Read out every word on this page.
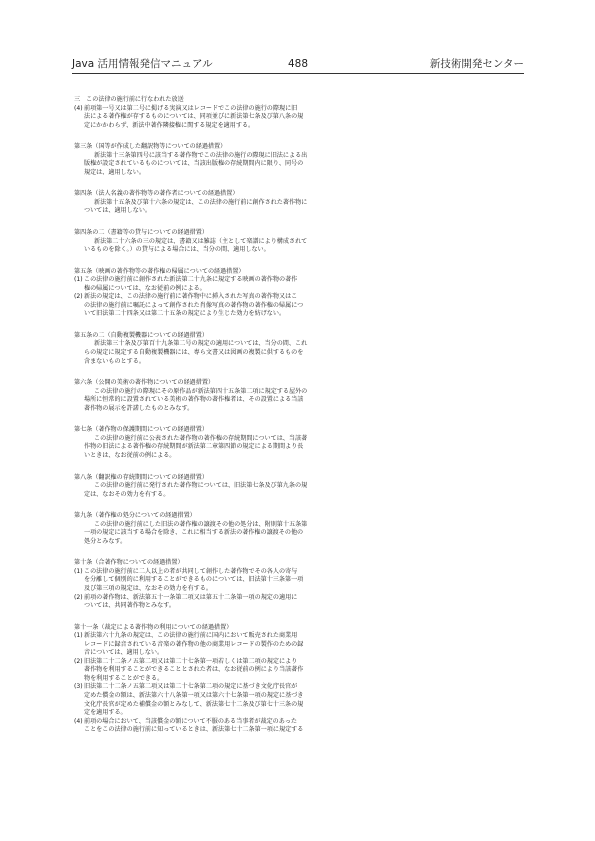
Java 活用情報発信マニュアル	488	新技術開発センター
三　この法律の施行前に行なわれた放送
(4) 前項第一号又は第二号に掲げる実演又はレコードでこの法律の施行の際現に旧
法による著作権が存するものについては、同項並びに新法第七条及び第八条の規
定にかかわらず、新法中著作隣接権に関する規定を適用する。
第三条（国等が作成した翻訳物等についての経過措置）
新法第十三条第四号に該当する著作物でこの法律の施行の際現に旧法による出
版権が設定されているものについては、当該出版権の存続期間内に限り、同号の
規定は、適用しない。
第四条（法人名義の著作物等の著作者についての経過措置）
新法第十五条及び第十六条の規定は、この法律の施行前に創作された著作物に
ついては、適用しない。
第四条の二（書籍等の貸与についての経過措置）
新法第二十六条の三の規定は、書籍又は雑誌（主として楽譜により構成されて
いるものを除く。）の貸与による場合には、当分の間、適用しない。
第五条（映画の著作物等の著作権の帰属についての経過措置）
(1) この法律の施行前に創作された新法第二十九条に規定する映画の著作物の著作
権の帰属については、なお従前の例による。
(2) 新法の規定は、この法律の施行前に著作物中に挿入された写真の著作物又はこ
の法律の施行前に嘱託によって創作された肖像写真の著作物の著作権の帰属につ
いて旧法第二十四条又は第二十五条の規定により生じた効力を妨げない。
第五条の二（自動複製機器についての経過措置）
新法第三十条及び第百十九条第二号の規定の適用については、当分の間、これ
らの規定に規定する自動複製機器には、専ら文書又は図画の複製に供するものを
含まないものとする。
第六条（公開の美術の著作物についての経過措置）
この法律の施行の際現にその原作品が新法第四十五条第二項に規定する屋外の
場所に恒常的に設置されている美術の著作物の著作権者は、その設置による当該
著作物の展示を許諾したものとみなす。
第七条（著作物の保護期間についての経過措置）
この法律の施行前に公表された著作物の著作権の存続期間については、当該著
作物の旧法による著作権の存続期間が新法第二章第四節の規定による期間より長
いときは、なお従前の例による。
第八条（翻訳権の存続期間についての経過措置）
この法律の施行前に発行された著作物については、旧法第七条及び第九条の規
定は、なおその効力を有する。
第九条（著作権の処分についての経過措置）
この法律の施行前にした旧法の著作権の譲渡その他の処分は、附則第十五条第
一項の規定に該当する場合を除き、これに相当する新法の著作権の譲渡その他の
処分とみなす。
第十条（合著作物についての経過措置）
(1) この法律の施行前に二人以上の者が共同して創作した著作物でその各人の寄与
を分離して個別的に利用することができるものについては、旧法第十三条第一項
及び第三項の規定は、なおその効力を有する。
(2) 前項の著作物は、新法第五十一条第二項又は第五十二条第一項の規定の適用に
ついては、共同著作物とみなす。
第十一条（裁定による著作物の利用についての経過措置）
(1) 新法第六十九条の規定は、この法律の施行前に国内において販売された商業用
レコードに録音されている音楽の著作物の他の商業用レコードの製作のための録
音については、適用しない。
(2) 旧法第二十二条ノ五第二項又は第二十七条第一項若しくは第二項の規定により
著作物を利用することができることとされた者は、なお従前の例により当該著作
物を利用することができる。
(3) 旧法第二十二条ノ五第二項又は第二十七条第二項の規定に基づき文化庁長官が
定めた償金の額は、新法第六十八条第一項又は第六十七条第一項の規定に基づき
文化庁長官が定めた補償金の額とみなして、新法第七十二条及び第七十三条の規
定を適用する。
(4) 前項の場合において、当該償金の額について不服のある当事者が裁定のあった
ことをこの法律の施行前に知っているときは、新法第七十二条第一項に規定する
